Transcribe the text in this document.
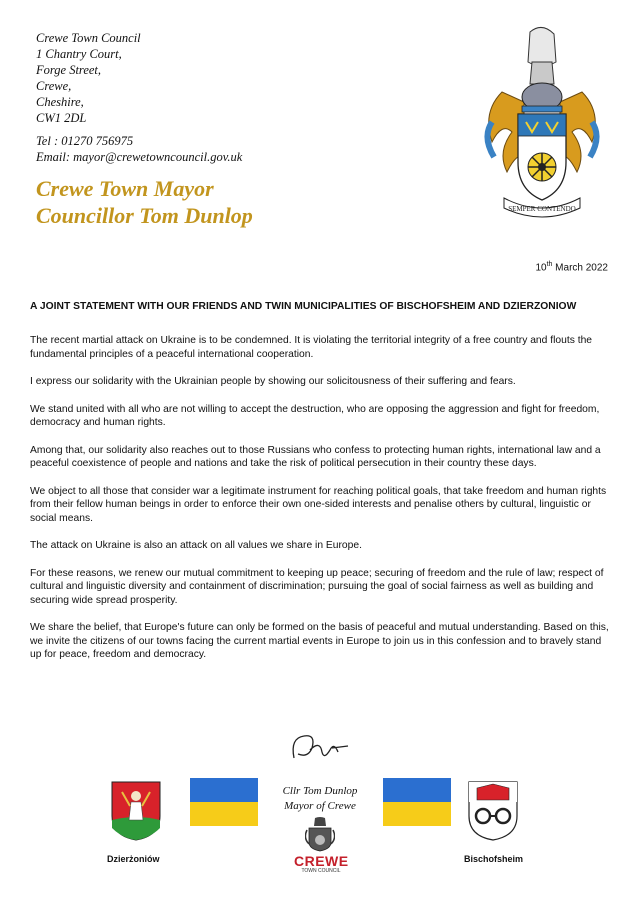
Crewe Town Council
1 Chantry Court,
Forge Street,
Crewe,
Cheshire,
CW1 2DL
Tel : 01270 756975
Email: mayor@crewetowncouncil.gov.uk
Crewe Town Mayor
Councillor Tom Dunlop	SEMPER CONTENDO
10th March 2022
A JOINT STATEMENT WITH OUR FRIENDS AND TWIN MUNICIPALITIES OF BISCHOFSHEIM AND DZIERZONIOW

The recent martial attack on Ukraine is to be condemned. It is violating the territorial integrity of a free country and flouts the fundamental principles of a peaceful international cooperation.

I express our solidarity with the Ukrainian people by showing our solicitousness of their suffering and fears.

We stand united with all who are not willing to accept the destruction, who are opposing the aggression and fight for freedom, democracy and human rights.

Among that, our solidarity also reaches out to those Russians who confess to protecting human rights, international law and a peaceful coexistence of people and nations and take the risk of political persecution in their country these days.

We object to all those that consider war a legitimate instrument for reaching political goals, that take freedom and human rights from their fellow human beings in order to enforce their own one-sided interests and penalise others by cultural, linguistic or social means.

The attack on Ukraine is also an attack on all values we share in Europe.

For these reasons, we renew our mutual commitment to keeping up peace; securing of freedom and the rule of law; respect of cultural and linguistic diversity and containment of discrimination; pursuing the goal of social fairness as well as building and securing wide spread prosperity.

We share the belief, that Europe's future can only be formed on the basis of peaceful and mutual understanding. Based on this, we invite the citizens of our towns facing the current martial events in Europe to join us in this confession and to bravely stand up for peace, freedom and democracy.

Cllr Tom Dunlop
Mayor of Crewe
Dzierżoniów	CREWE
TOWN COUNCIL
Bischofsheim
